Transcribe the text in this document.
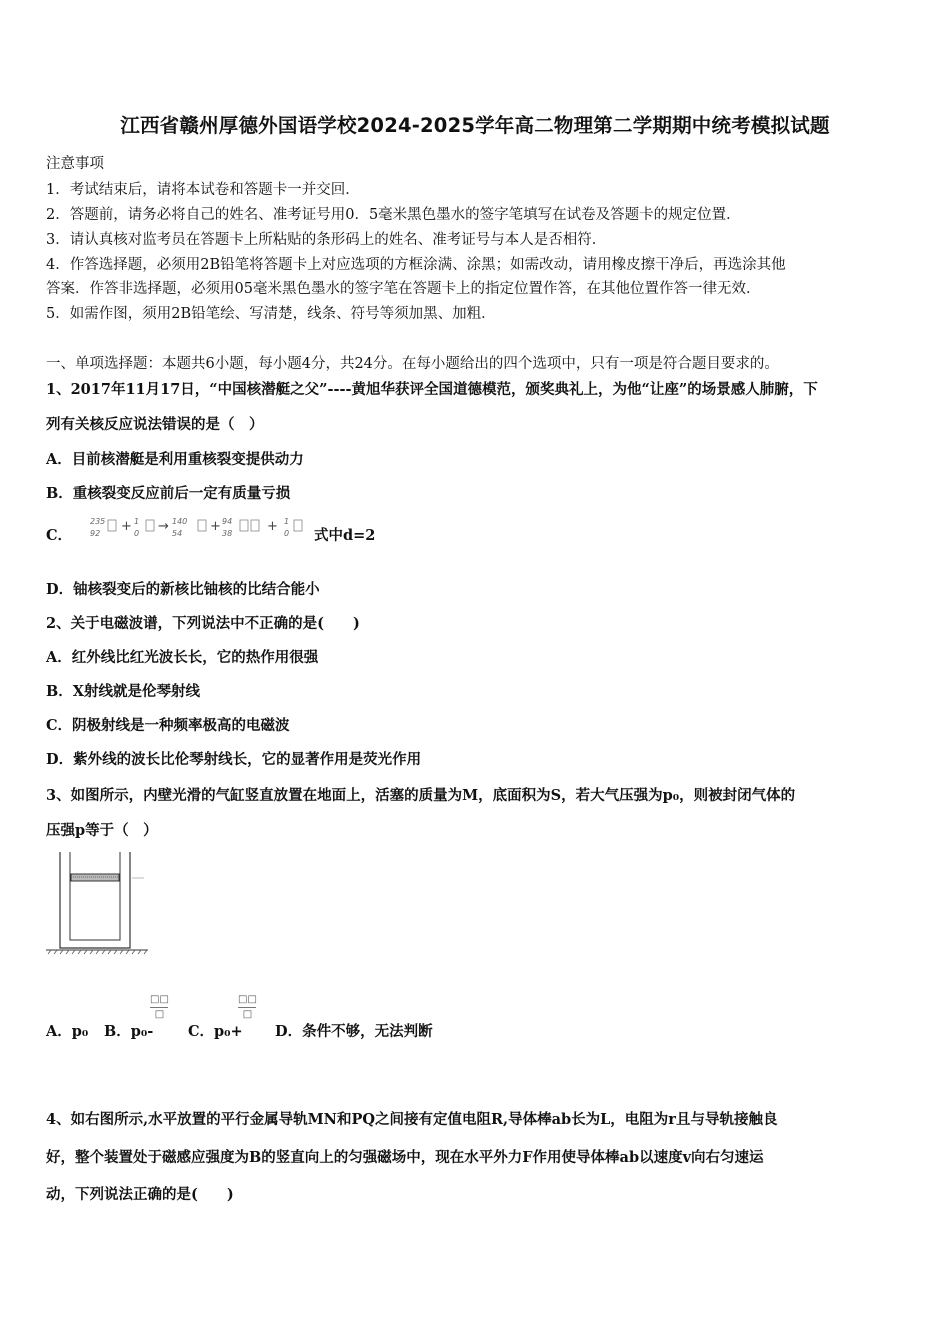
江西省赣州厚德外国语学校2024-2025学年高二物理第二学期期中统考模拟试题
注意事项
1．考试结束后，请将本试卷和答题卡一并交回．
2．答题前，请务必将自己的姓名、准考证号用0．5毫米黑色墨水的签字笔填写在试卷及答题卡的规定位置．
3．请认真核对监考员在答题卡上所粘贴的条形码上的姓名、准考证号与本人是否相符．
4．作答选择题，必须用2B铅笔将答题卡上对应选项的方框涂满、涂黑；如需改动，请用橡皮擦干净后，再选涂其他
答案．作答非选择题，必须用05毫米黑色墨水的签字笔在答题卡上的指定位置作答，在其他位置作答一律无效．
5．如需作图，须用2B铅笔绘、写清楚，线条、符号等须加黑、加粗．
一、单项选择题：本题共6小题，每小题4分，共24分。在每小题给出的四个选项中，只有一项是符合题目要求的。
1、2017年11月17日，“中国核潜艇之父”----黄旭华获评全国道德模范，颁奖典礼上，为他“让座”的场景感人肺腑，下
列有关核反应说法错误的是（　）
A．目前核潜艇是利用重核裂变提供动力
B．重核裂变反应前后一定有质量亏损
C．
235
92
1
0
140
54
94
38
1
0
+ →	+	+
式中d=2
D．铀核裂变后的新核比铀核的比结合能小
2、关于电磁波谱，下列说法中不正确的是(　　)
A．红外线比红光波长长，它的热作用很强
B．X射线就是伦琴射线
C．阴极射线是一种频率极高的电磁波
D．紫外线的波长比伦琴射线长，它的显著作用是荧光作用
3、如图所示，内壁光滑的气缸竖直放置在地面上，活塞的质量为M，底面积为S，若大气压强为p₀，则被封闭气体的
压强p等于（　）
A．p₀ B．p₀-
□□
□
C．p₀+
□□
□
D．条件不够，无法判断
4、如右图所示,水平放置的平行金属导轨MN和PQ之间接有定值电阻R,导体棒ab长为L，电阻为r且与导轨接触良
好，整个装置处于磁感应强度为B的竖直向上的匀强磁场中，现在水平外力F作用使导体棒ab以速度v向右匀速运
动，下列说法正确的是(　　)
